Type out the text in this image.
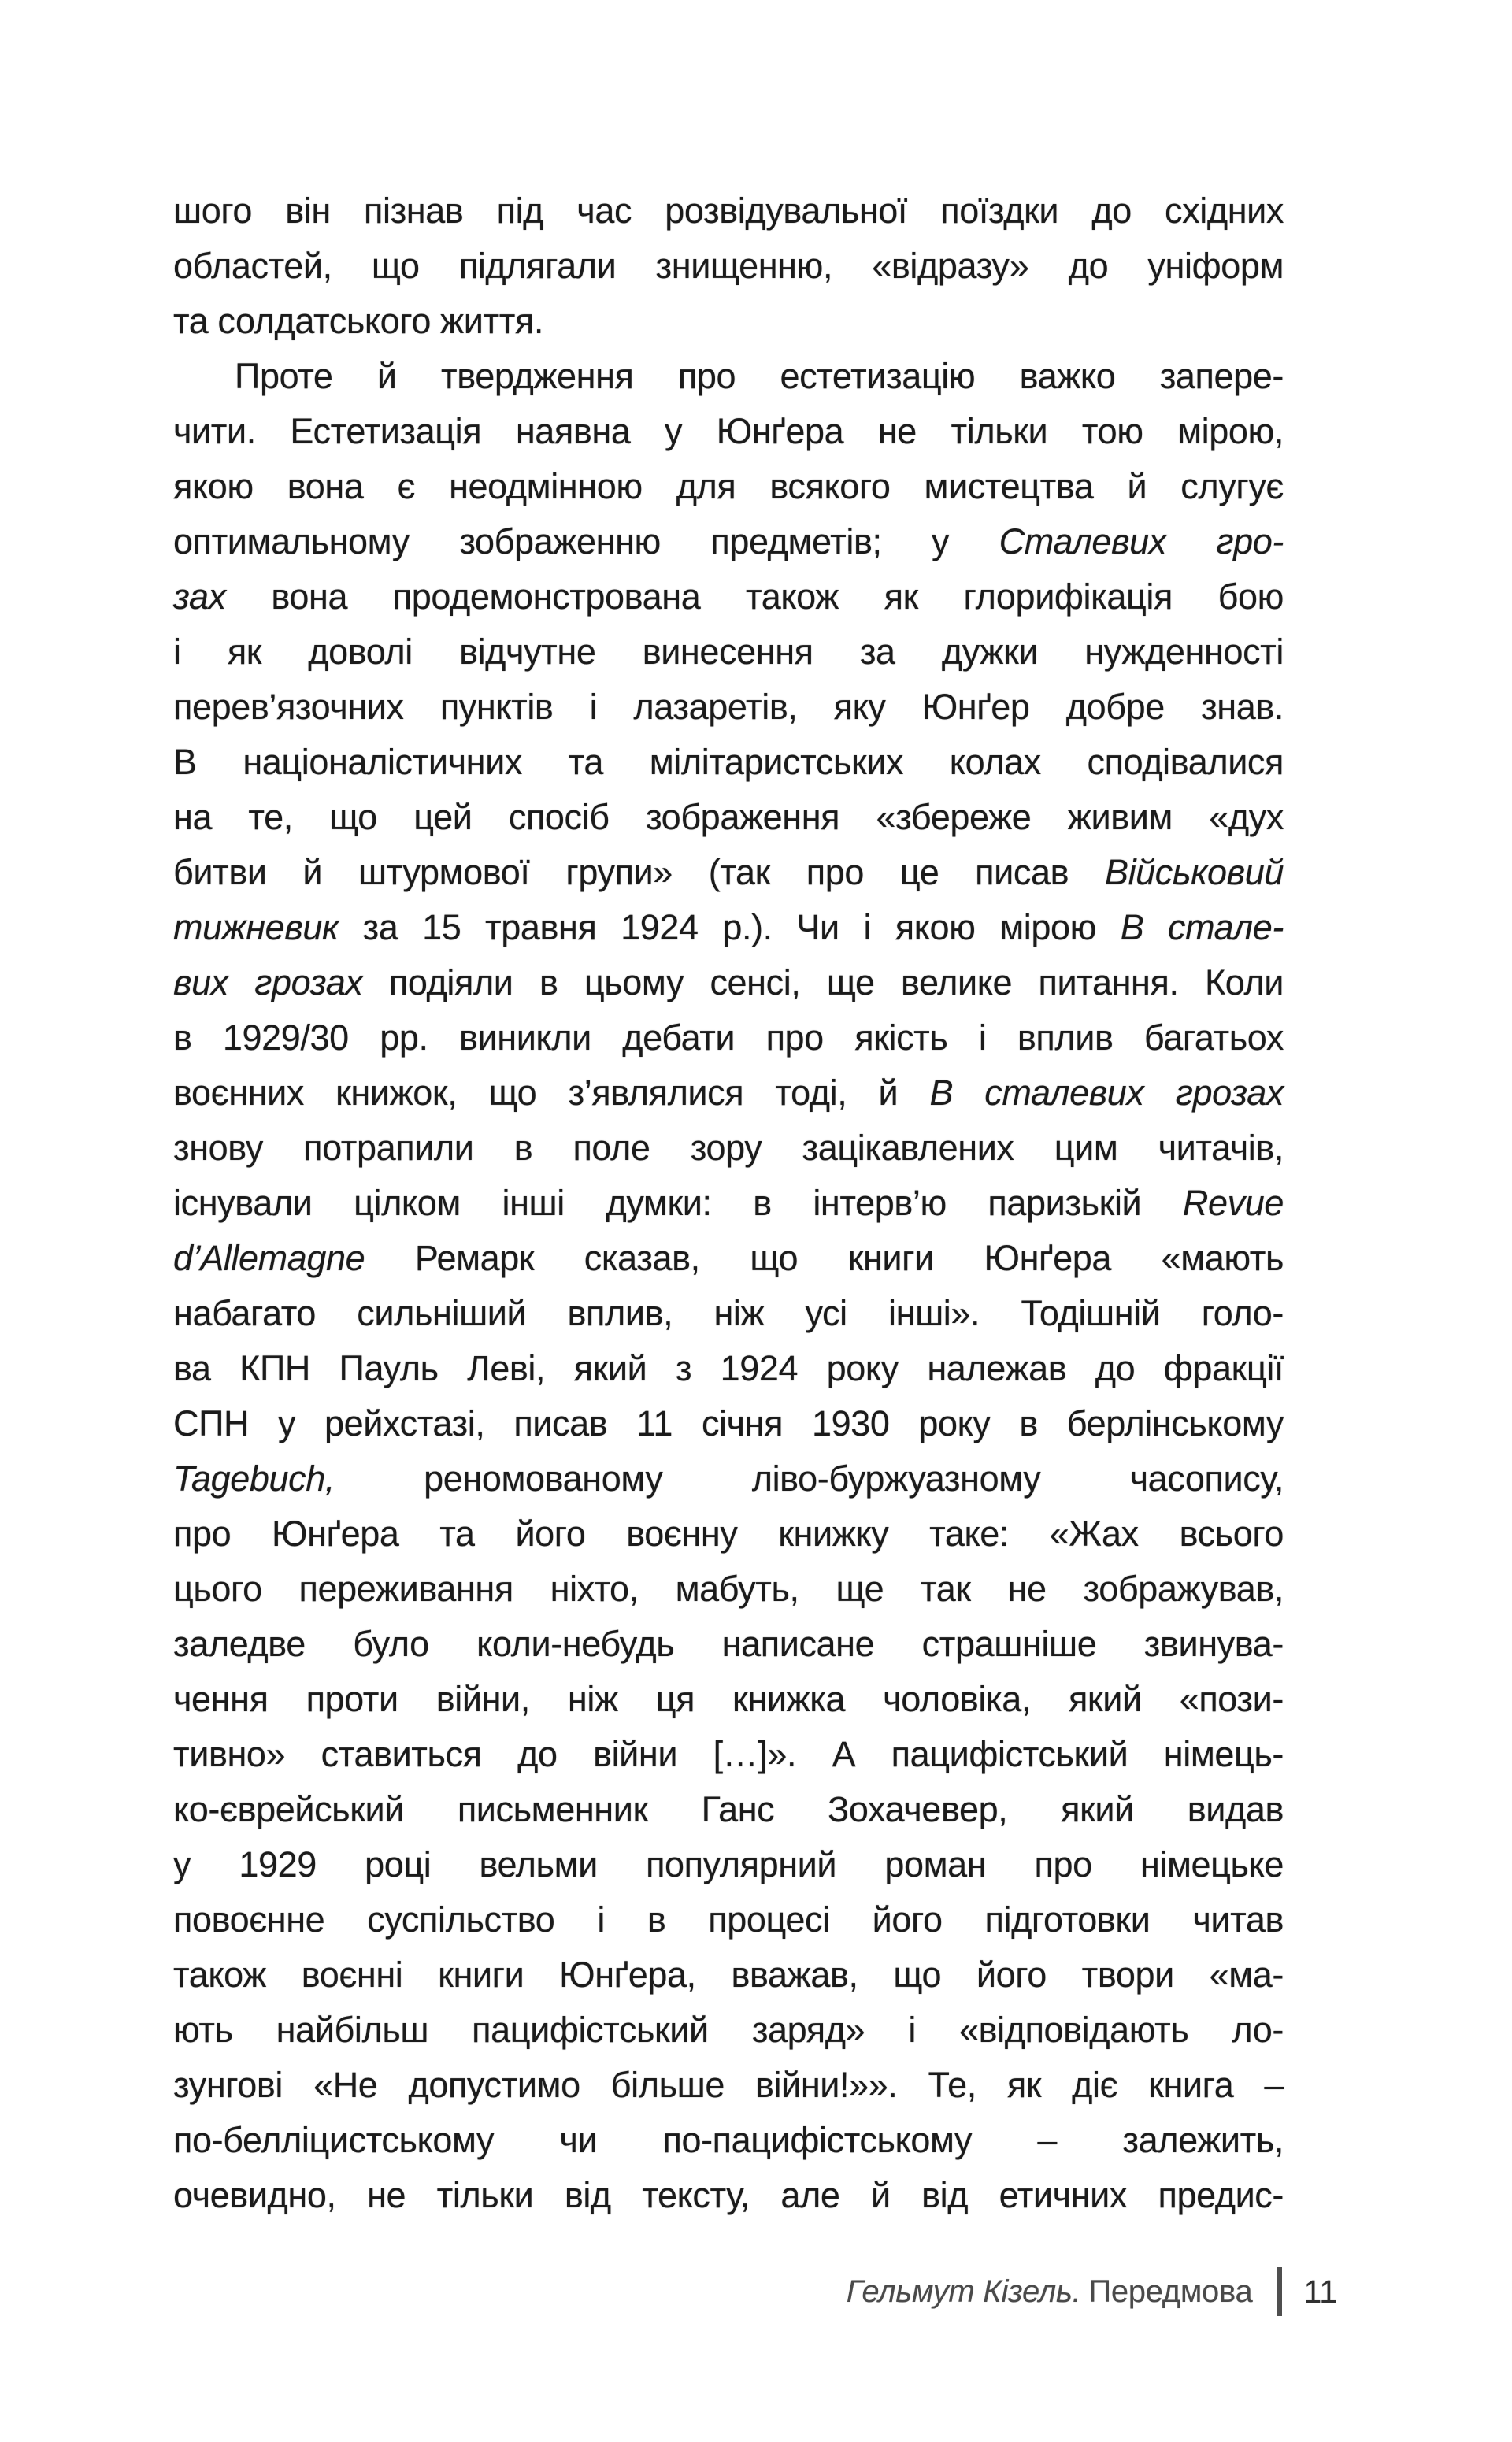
шого він пізнав під час розвідувальної поїздки до східних
областей, що підлягали знищенню, «відразу» до уніформ
та солдатського життя.
Проте й твердження про естетизацію важко запере-
чити. Естетизація наявна у Юнґера не тільки тою мірою,
якою вона є неодмінною для всякого мистецтва й слугує
оптимальному зображенню предметів; у Сталевих гро-
зах вона продемонстрована також як глорифікація бою
і як доволі відчутне винесення за дужки нужденності
перев’язочних пунктів і лазаретів, яку Юнґер добре знав.
В націоналістичних та мілітаристських колах сподівалися
на те, що цей спосіб зображення «збереже живим «дух
битви й штурмової групи» (так про це писав Військовий
тижневик за 15 травня 1924 р.). Чи і якою мірою В стале-
вих грозах подіяли в цьому сенсі, ще велике питання. Коли
в 1929/30 рр. виникли дебати про якість і вплив багатьох
воєнних книжок, що з’являлися тоді, й В сталевих грозах
знову потрапили в поле зору зацікавлених цим читачів,
існували цілком інші думки: в інтерв’ю паризькій Revue
d’Allemagne Ремарк сказав, що книги Юнґера «мають
набагато сильніший вплив, ніж усі інші». Тодішній голо-
ва КПН Пауль Леві, який з 1924 року належав до фракції
СПН у рейхстазі, писав 11 січня 1930 року в берлінському
Tagebuch, реномованому ліво-буржуазному часопису,
про Юнґера та його воєнну книжку таке: «Жах всього
цього переживання ніхто, мабуть, ще так не зображував,
заледве було коли-небудь написане страшніше звинува-
чення проти війни, ніж ця книжка чоловіка, який «пози-
тивно» ставиться до війни […]». А пацифістський німець-
ко-єврейський письменник Ганс Зохачевер, який видав
у 1929 році вельми популярний роман про німецьке
повоєнне суспільство і в процесі його підготовки читав
також воєнні книги Юнґера, вважав, що його твори «ма-
ють найбільш пацифістський заряд» і «відповідають ло-
зунгові «Не допустимо більше війни!»». Те, як діє книга –
по-белліцистському чи по-пацифістському – залежить,
очевидно, не тільки від тексту, але й від етичних предис-
Гельмут Кізель. Передмова 11
